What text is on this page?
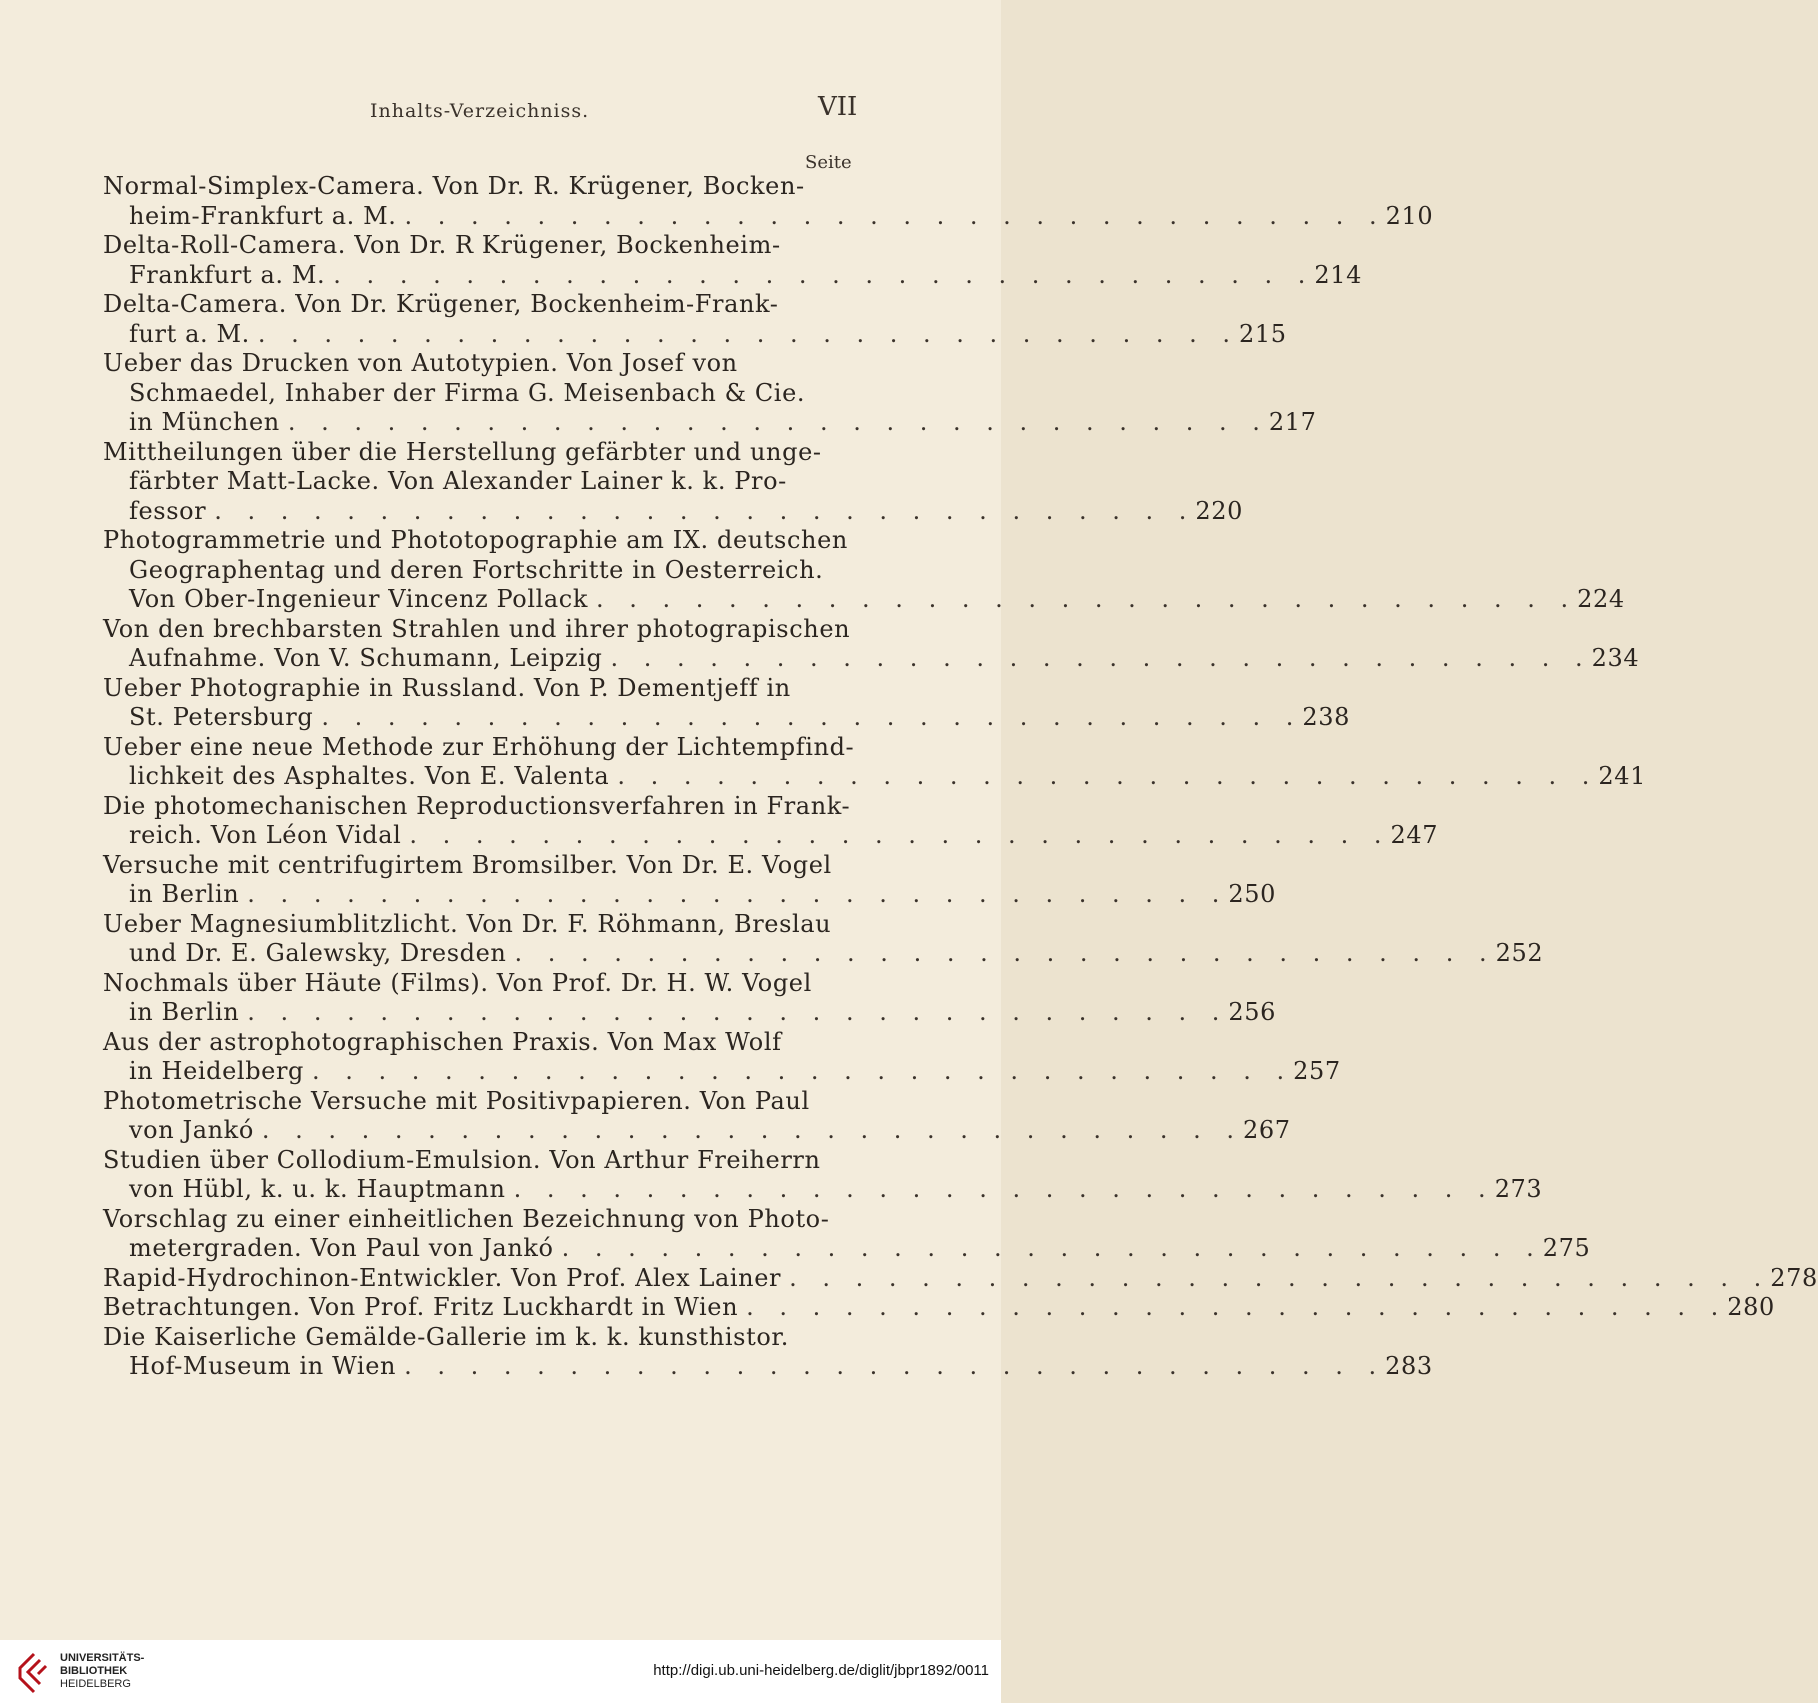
Inhalts-Verzeichniss.	VII
Seite
Normal-Simplex-Camera. Von Dr. R. Krügener, Bocken-
heim-Frankfurt a. M. . . . . . . . . . . . . . . . . . . . . . . . . . . . . . . 210
Delta-Roll-Camera. Von Dr. R Krügener, Bockenheim-
Frankfurt a. M. . . . . . . . . . . . . . . . . . . . . . . . . . . . . . . 214
Delta-Camera. Von Dr. Krügener, Bockenheim-Frank-
furt a. M. . . . . . . . . . . . . . . . . . . . . . . . . . . . . . . 215
Ueber das Drucken von Autotypien. Von Josef von
Schmaedel, Inhaber der Firma G. Meisenbach & Cie.
in München . . . . . . . . . . . . . . . . . . . . . . . . . . . . . . 217
Mittheilungen über die Herstellung gefärbter und unge-
färbter Matt-Lacke. Von Alexander Lainer k. k. Pro-
fessor . . . . . . . . . . . . . . . . . . . . . . . . . . . . . . 220
Photogrammetrie und Phototopographie am IX. deutschen
Geographentag und deren Fortschritte in Oesterreich.
Von Ober-Ingenieur Vincenz Pollack . . . . . . . . . . . . . . . . . . . . . . . . . . . . . . 224
Von den brechbarsten Strahlen und ihrer photograpischen
Aufnahme. Von V. Schumann, Leipzig . . . . . . . . . . . . . . . . . . . . . . . . . . . . . . 234
Ueber Photographie in Russland. Von P. Dementjeff in
St. Petersburg . . . . . . . . . . . . . . . . . . . . . . . . . . . . . . 238
Ueber eine neue Methode zur Erhöhung der Lichtempfind-
lichkeit des Asphaltes. Von E. Valenta . . . . . . . . . . . . . . . . . . . . . . . . . . . . . . 241
Die photomechanischen Reproductionsverfahren in Frank-
reich. Von Léon Vidal . . . . . . . . . . . . . . . . . . . . . . . . . . . . . . 247
Versuche mit centrifugirtem Bromsilber. Von Dr. E. Vogel
in Berlin . . . . . . . . . . . . . . . . . . . . . . . . . . . . . . 250
Ueber Magnesiumblitzlicht. Von Dr. F. Röhmann, Breslau
und Dr. E. Galewsky, Dresden . . . . . . . . . . . . . . . . . . . . . . . . . . . . . . 252
Nochmals über Häute (Films). Von Prof. Dr. H. W. Vogel
in Berlin . . . . . . . . . . . . . . . . . . . . . . . . . . . . . . 256
Aus der astrophotographischen Praxis. Von Max Wolf
in Heidelberg . . . . . . . . . . . . . . . . . . . . . . . . . . . . . . 257
Photometrische Versuche mit Positivpapieren. Von Paul
von Jankó . . . . . . . . . . . . . . . . . . . . . . . . . . . . . . 267
Studien über Collodium-Emulsion. Von Arthur Freiherrn
von Hübl, k. u. k. Hauptmann . . . . . . . . . . . . . . . . . . . . . . . . . . . . . . 273
Vorschlag zu einer einheitlichen Bezeichnung von Photo-
metergraden. Von Paul von Jankó . . . . . . . . . . . . . . . . . . . . . . . . . . . . . . 275
Rapid-Hydrochinon-Entwickler. Von Prof. Alex Lainer . . . . . . . . . . . . . . . . . . . . . . . . . . . . . . 278
Betrachtungen. Von Prof. Fritz Luckhardt in Wien . . . . . . . . . . . . . . . . . . . . . . . . . . . . . . 280
Die Kaiserliche Gemälde-Gallerie im k. k. kunsthistor.
Hof-Museum in Wien . . . . . . . . . . . . . . . . . . . . . . . . . . . . . . 283
UNIVERSITÄTS-
BIBLIOTHEK
HEIDELBERG
http://digi.ub.uni-heidelberg.de/diglit/jbpr1892/0011
